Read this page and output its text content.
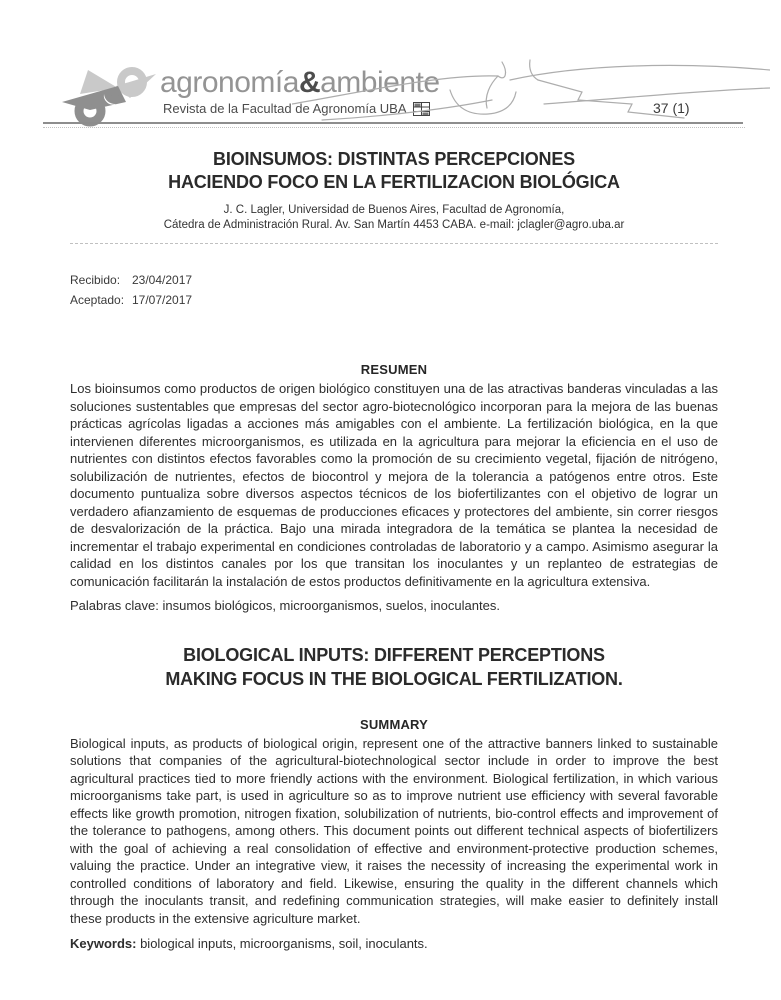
agronomía&ambiente
Revista de la Facultad de Agronomía UBA	37 (1)
BIOINSUMOS: DISTINTAS PERCEPCIONES
HACIENDO FOCO EN LA FERTILIZACION BIOLÓGICA
J. C. Lagler, Universidad de Buenos Aires, Facultad de Agronomía,
Cátedra de Administración Rural. Av. San Martín 4453 CABA. e-mail: jclagler@agro.uba.ar
Recibido: 23/04/2017
Aceptado: 17/07/2017
RESUMEN
Los bioinsumos como productos de origen biológico constituyen una de las atractivas banderas vinculadas a las soluciones sustentables que empresas del sector agro-biotecnológico incorporan para la mejora de las buenas prácticas agrícolas ligadas a acciones más amigables con el ambiente. La fertilización biológica, en la que intervienen diferentes microorganismos, es utilizada en la agricultura para mejorar la eficiencia en el uso de nutrientes con distintos efectos favorables como la promoción de su crecimiento vegetal, fijación de nitrógeno, solubilización de nutrientes, efectos de biocontrol y mejora de la tolerancia a patógenos entre otros. Este documento puntualiza sobre diversos aspectos técnicos de los biofertilizantes con el objetivo de lograr un verdadero afianzamiento de esquemas de producciones eficaces y protectores del ambiente, sin correr riesgos de desvalorización de la práctica. Bajo una mirada integradora de la temática se plantea la necesidad de incrementar el trabajo experimental en condiciones controladas de laboratorio y a campo. Asimismo asegurar la calidad en los distintos canales por los que transitan los inoculantes y un replanteo de estrategias de comunicación facilitarán la instalación de estos productos definitivamente en la agricultura extensiva.
Palabras clave: insumos biológicos, microorganismos, suelos, inoculantes.
BIOLOGICAL INPUTS: DIFFERENT PERCEPTIONS
MAKING FOCUS IN THE BIOLOGICAL FERTILIZATION.
SUMMARY
Biological inputs, as products of biological origin, represent one of the attractive banners linked to sustainable solutions that companies of the agricultural-biotechnological sector include in order to improve the best agricultural practices tied to more friendly actions with the environment. Biological fertilization, in which various microorganisms take part, is used in agriculture so as to improve nutrient use efficiency with several favorable effects like growth promotion, nitrogen fixation, solubilization of nutrients, bio-control effects and improvement of the tolerance to pathogens, among others. This document points out different technical aspects of biofertilizers with the goal of achieving a real consolidation of effective and environment-protective production schemes, valuing the practice. Under an integrative view, it raises the necessity of increasing the experimental work in controlled conditions of laboratory and field. Likewise, ensuring the quality in the different channels which through the inoculants transit, and redefining communication strategies, will make easier to definitely install these products in the extensive agriculture market.
Keywords: biological inputs, microorganisms, soil, inoculants.
